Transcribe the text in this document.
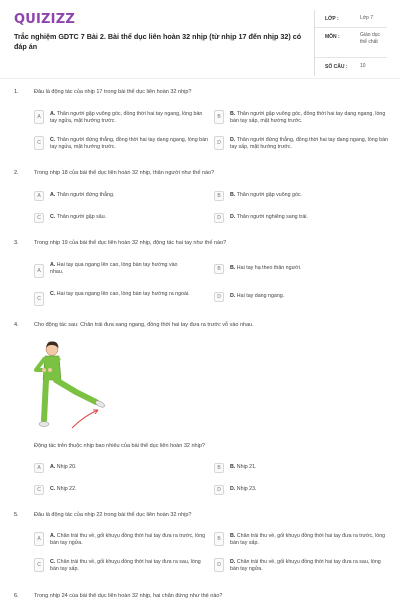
QUIZIZZ
Trắc nghiệm GDTC 7 Bài 2. Bài thể dục liên hoàn 32 nhịp (từ nhịp 17 đến nhịp 32) có đáp án
LỚP :	Lớp 7
MÔN :	Giáo dục thể chất
SỐ CÂU :	10
1.	Đâu là động tác của nhịp 17 trong bài thể dục liên hoàn 32 nhịp?
A	A. Thân người gập vuông góc, đồng thời hai tay ngang, lòng bàn tay ngửa, mặt hướng trước.
B	B. Thân người gập vuông góc, đồng thời hai tay dang ngang, lòng bàn tay sấp, mặt hướng trước.
C	C. Thân người đứng thẳng, đồng thời hai tay dang ngang, lòng bàn tay ngửa, mặt hướng trước.
D	D. Thân người đứng thẳng, đồng thời hai tay dang ngang, lòng bàn tay sấp, mặt hướng trước.
2.	Trong nhịp 18 của bài thể dục liên hoàn 32 nhịp, thân người như thế nào?
A	A. Thân người đứng thẳng.	B	B. Thân người gập vuông góc.
C	C. Thân người gập sâu.	D	D. Thân người nghiêng sang trái.
3.	Trong nhịp 19 của bài thể dục liên hoàn 32 nhịp, động tác hai tay như thế nào?
A
A. Hai tay qua ngang lên cao, lòng bàn tay hướng vào nhau.	B	B. Hai tay hạ theo thân người.
C
C. Hai tay qua ngang lên cao, lòng bàn tay hướng ra ngoài.	D	D. Hai tay dang ngang.
4.	Cho động tác sau: Chân trái đưa sang ngang, đồng thời hai tay đưa ra trước vỗ vào nhau.
Động tác trên thuộc nhịp bao nhiêu của bài thể dục liên hoàn 32 nhịp?
A	A. Nhịp 20.	B	B. Nhịp 21.
C	C. Nhịp 22.	D	D. Nhịp 23.
5.	Đâu là động tác của nhịp 22 trong bài thể dục liên hoàn 32 nhịp?
A	A. Chân trái thu về, gối khuỵu đồng thời hai tay đưa ra trước, lòng bàn tay ngửa.
B	B. Chân trái thu về, gối khuỵu đồng thời hai tay đưa ra trước, lòng bàn tay sấp.
C	C. Chân trái thu về, gối khuỵu đồng thời hai tay đưa ra sau, lòng bàn tay sấp.
D	D. Chân trái thu về, gối khuỵu đồng thời hai tay đưa ra sau, lòng bàn tay ngửa.
6.	Trong nhịp 24 của bài thể dục liên hoàn 32 nhịp, hai chân đứng như thế nào?
